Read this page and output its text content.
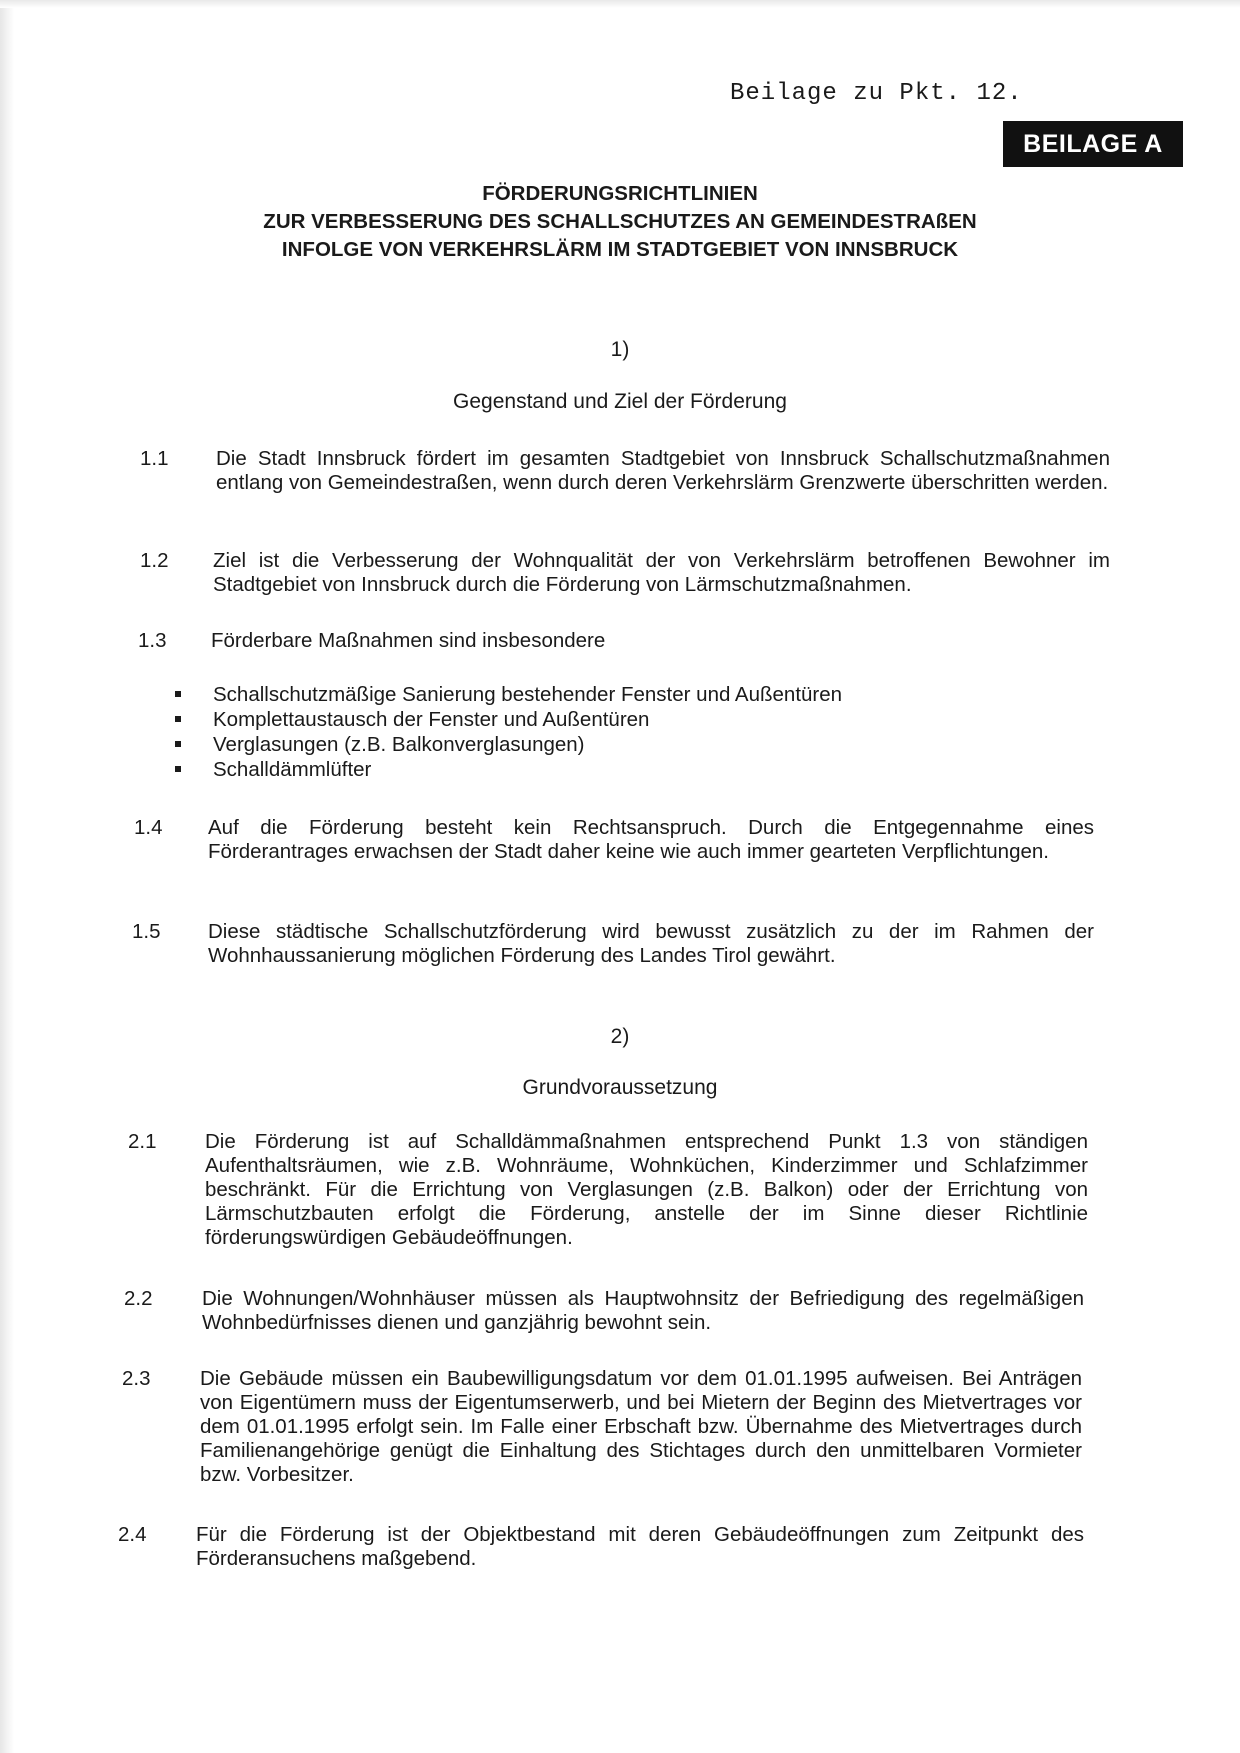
Beilage zu Pkt. 12.
BEILAGE A
FÖRDERUNGSRICHTLINIEN
ZUR VERBESSERUNG DES SCHALLSCHUTZES AN GEMEINDESTRAßEN
INFOLGE VON VERKEHRSLÄRM IM STADTGEBIET VON INNSBRUCK
1)
Gegenstand und Ziel der Förderung
1.1 Die Stadt Innsbruck fördert im gesamten Stadtgebiet von Innsbruck Schallschutzmaßnahmen entlang von Gemeindestraßen, wenn durch deren Verkehrslärm Grenzwerte überschritten werden.
1.2 Ziel ist die Verbesserung der Wohnqualität der von Verkehrslärm betroffenen Bewohner im Stadtgebiet von Innsbruck durch die Förderung von Lärmschutzmaßnahmen.
1.3 Förderbare Maßnahmen sind insbesondere
Schallschutzmäßige Sanierung bestehender Fenster und Außentüren
Komplettaustausch der Fenster und Außentüren
Verglasungen (z.B. Balkonverglasungen)
Schalldämmlüfter
1.4 Auf die Förderung besteht kein Rechtsanspruch. Durch die Entgegennahme eines Förderantrages erwachsen der Stadt daher keine wie auch immer gearteten Verpflichtungen.
1.5 Diese städtische Schallschutzförderung wird bewusst zusätzlich zu der im Rahmen der Wohnhaussanierung möglichen Förderung des Landes Tirol gewährt.
2)
Grundvoraussetzung
2.1 Die Förderung ist auf Schalldämmaßnahmen entsprechend Punkt 1.3 von ständigen Aufenthaltsräumen, wie z.B. Wohnräume, Wohnküchen, Kinderzimmer und Schlafzimmer beschränkt. Für die Errichtung von Verglasungen (z.B. Balkon) oder der Errichtung von Lärmschutzbauten erfolgt die Förderung, anstelle der im Sinne dieser Richtlinie förderungswürdigen Gebäudeöffnungen.
2.2 Die Wohnungen/Wohnhäuser müssen als Hauptwohnsitz der Befriedigung des regelmäßigen Wohnbedürfnisses dienen und ganzjährig bewohnt sein.
2.3 Die Gebäude müssen ein Baubewilligungsdatum vor dem 01.01.1995 aufweisen. Bei Anträgen von Eigentümern muss der Eigentumserwerb, und bei Mietern der Beginn des Mietvertrages vor dem 01.01.1995 erfolgt sein. Im Falle einer Erbschaft bzw. Übernahme des Mietvertrages durch Familienangehörige genügt die Einhaltung des Stichtages durch den unmittelbaren Vormieter bzw. Vorbesitzer.
2.4 Für die Förderung ist der Objektbestand mit deren Gebäudeöffnungen zum Zeitpunkt des Förderansuchens maßgebend.
